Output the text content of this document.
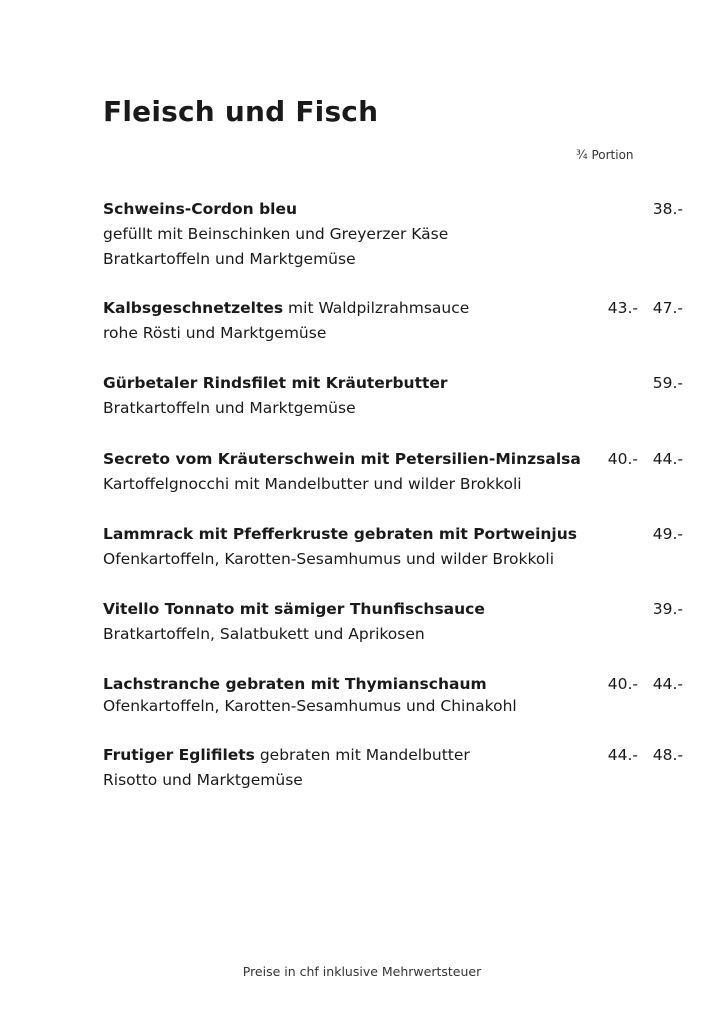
Fleisch und Fisch
¾ Portion
Schweins-Cordon bleu	38.-
gefüllt mit Beinschinken und Greyerzer Käse
Bratkartoffeln und Marktgemüse
Kalbsgeschnetzeltes mit Waldpilzrahmsauce	43.- 47.-
rohe Rösti und Marktgemüse
Gürbetaler Rindsfilet mit Kräuterbutter	59.-
Bratkartoffeln und Marktgemüse
Secreto vom Kräuterschwein mit Petersilien-Minzsalsa	40.- 44.-
Kartoffelgnocchi mit Mandelbutter und wilder Brokkoli
Lammrack mit Pfefferkruste gebraten mit Portweinjus	49.-
Ofenkartoffeln, Karotten-Sesamhumus und wilder Brokkoli
Vitello Tonnato mit sämiger Thunfischsauce	39.-
Bratkartoffeln, Salatbukett und Aprikosen
Lachstranche gebraten mit Thymianschaum	40.- 44.-
Ofenkartoffeln, Karotten-Sesamhumus und Chinakohl
Frutiger Eglifilets gebraten mit Mandelbutter	44.- 48.-
Risotto und Marktgemüse
Preise in chf inklusive Mehrwertsteuer
